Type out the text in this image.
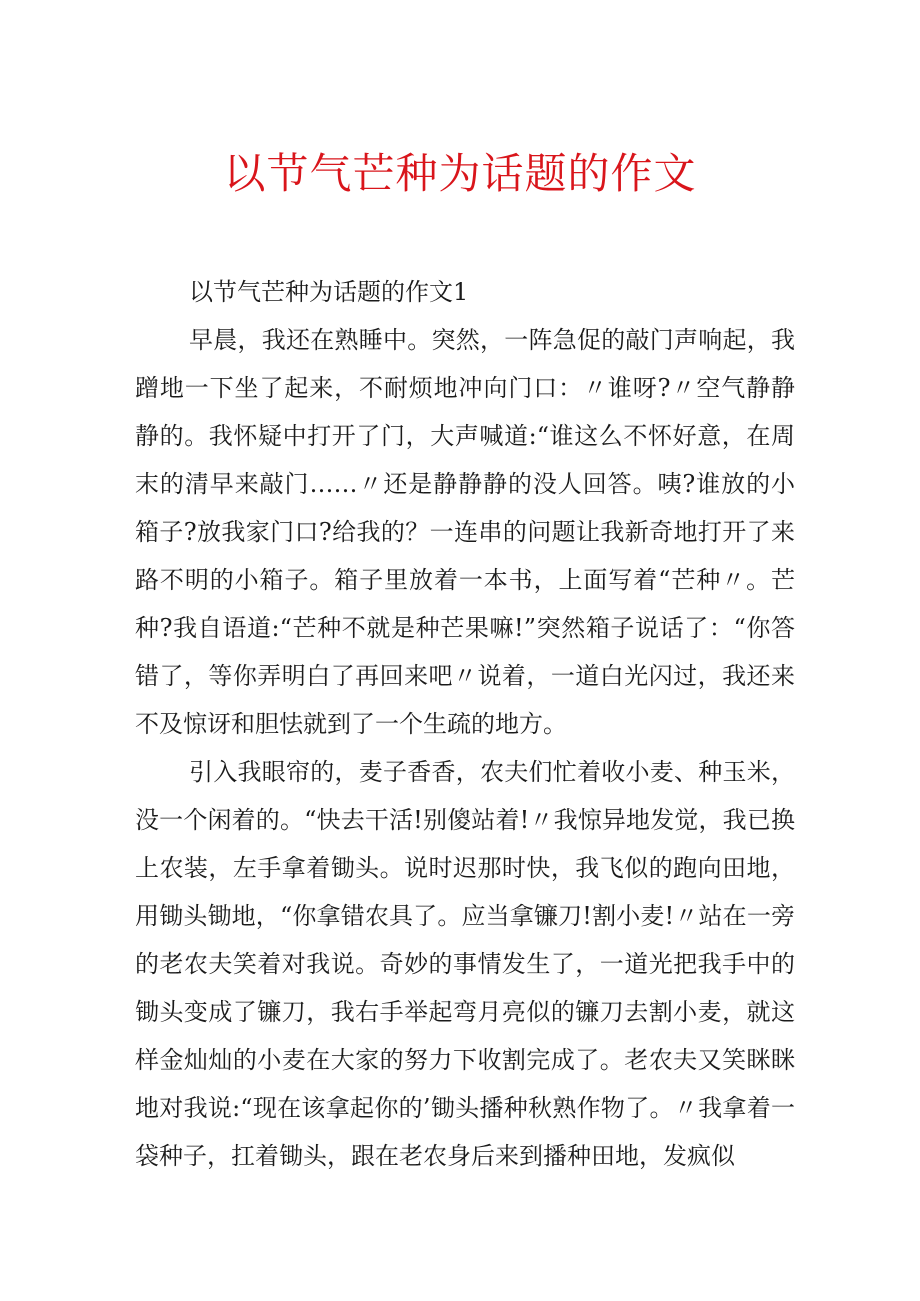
以节气芒种为话题的作文
以节气芒种为话题的作文1

早晨，我还在熟睡中。突然，一阵急促的敲门声响起，我蹭地一下坐了起来，不耐烦地冲向门口：〃谁呀?〃空气静静静的。我怀疑中打开了门，大声喊道:“谁这么不怀好意，在周末的清早来敲门……〃还是静静静的没人回答。咦?谁放的小箱子?放我家门口?给我的？一连串的问题让我新奇地打开了来路不明的小箱子。箱子里放着一本书，上面写着“芒种〃。芒种?我自语道:“芒种不就是种芒果嘛!”突然箱子说话了：“你答错了，等你弄明白了再回来吧〃说着，一道白光闪过，我还来不及惊讶和胆怯就到了一个生疏的地方。

引入我眼帘的，麦子香香，农夫们忙着收小麦、种玉米，没一个闲着的。“快去干活!别傻站着!〃我惊异地发觉，我已换上农装，左手拿着锄头。说时迟那时快，我飞似的跑向田地，用锄头锄地，“你拿错农具了。应当拿镰刀!割小麦!〃站在一旁的老农夫笑着对我说。奇妙的事情发生了，一道光把我手中的锄头变成了镰刀，我右手举起弯月亮似的镰刀去割小麦，就这样金灿灿的小麦在大家的努力下收割完成了。老农夫又笑眯眯地对我说:“现在该拿起你的’锄头播种秋熟作物了。〃我拿着一袋种子，扛着锄头，跟在老农身后来到播种田地，发疯似
